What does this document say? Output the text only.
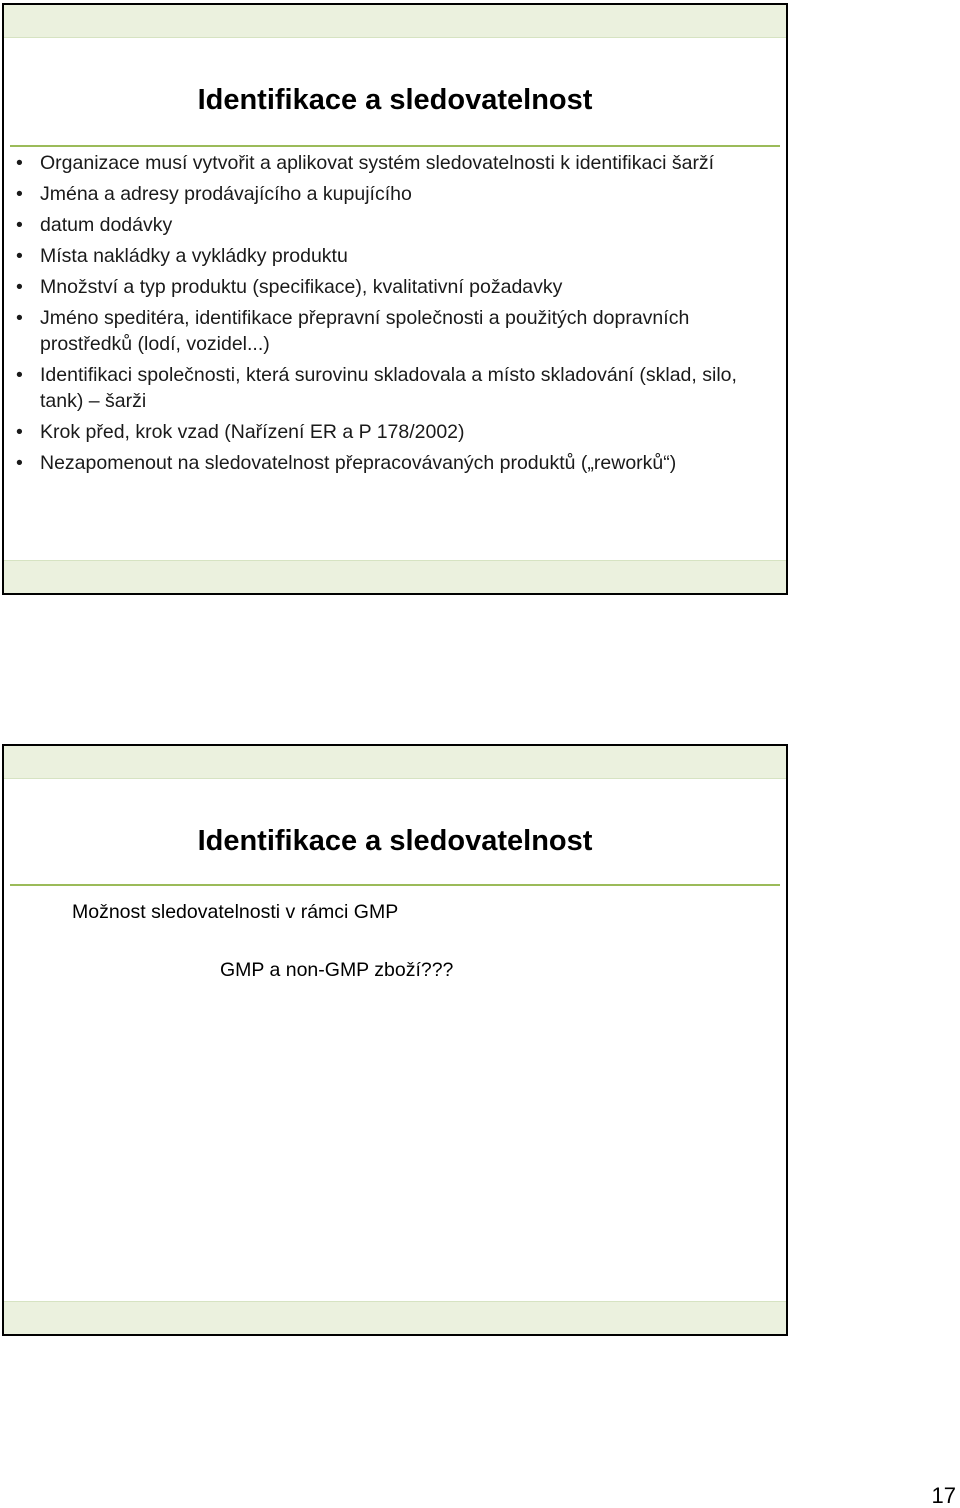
Identifikace a sledovatelnost
• Organizace musí vytvořit a aplikovat systém sledovatelnosti k identifikaci šarží
• Jména a adresy prodávajícího a kupujícího
• datum dodávky
• Místa nakládky a vykládky produktu
• Množství a typ produktu (specifikace), kvalitativní požadavky
• Jméno speditéra, identifikace přepravní společnosti a použitých dopravních prostředků (lodí, vozidel...)
• Identifikaci společnosti, která surovinu skladovala a místo skladování (sklad, silo, tank) – šarži
• Krok před, krok vzad (Nařízení ER a P 178/2002)
• Nezapomenout na sledovatelnost přepracovávaných produktů („reworků“)
Identifikace a sledovatelnost

Možnost sledovatelnosti v rámci GMP

GMP a non-GMP zboží???

17
